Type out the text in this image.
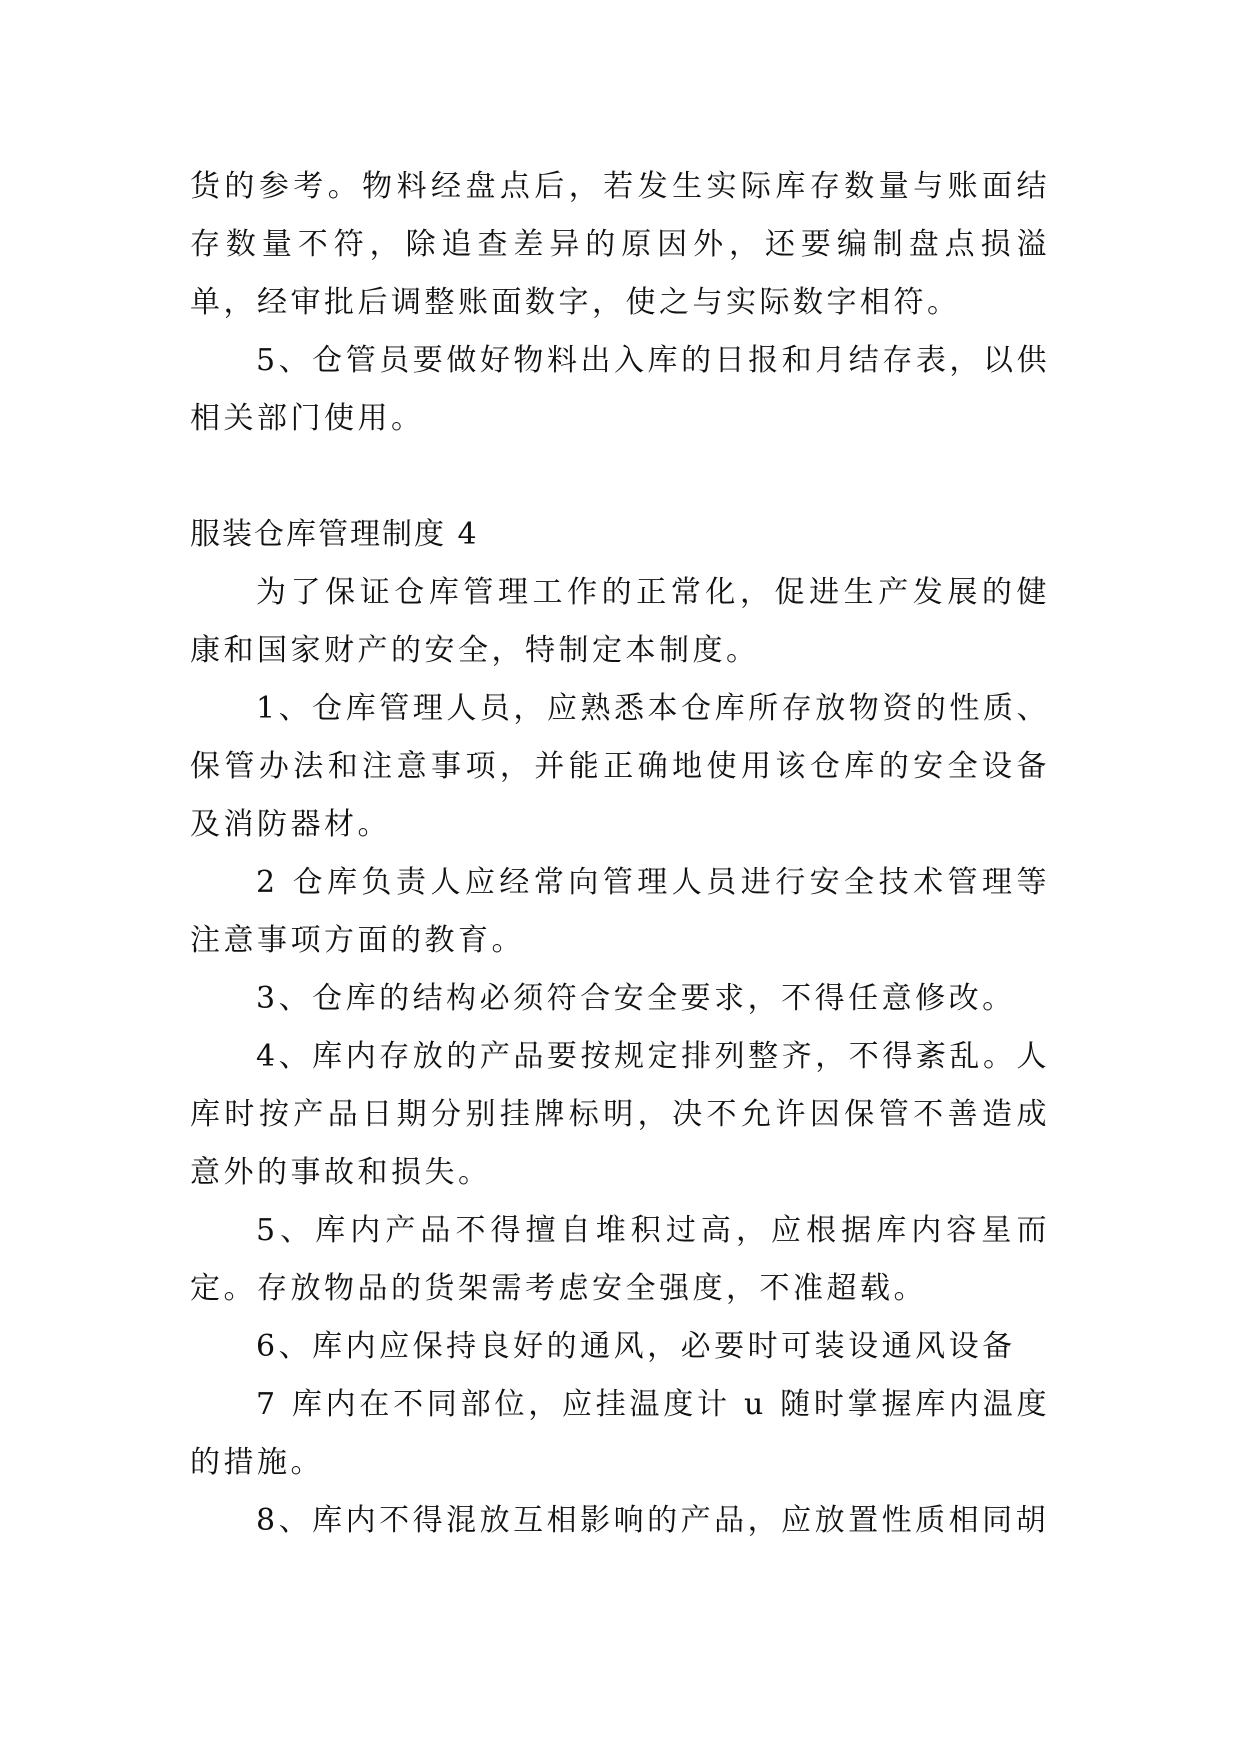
货的参考。物料经盘点后，若发生实际库存数量与账面结存数量不符，除追查差异的原因外，还要编制盘点损溢单，经审批后调整账面数字，使之与实际数字相符。

5、仓管员要做好物料出入库的日报和月结存表，以供相关部门使用。

服装仓库管理制度 4

为了保证仓库管理工作的正常化，促进生产发展的健康和国家财产的安全，特制定本制度。

1、仓库管理人员，应熟悉本仓库所存放物资的性质、保管办法和注意事项，并能正确地使用该仓库的安全设备及消防器材。

2 仓库负责人应经常向管理人员进行安全技术管理等注意事项方面的教育。

3、仓库的结构必须符合安全要求，不得任意修改。

4、库内存放的产品要按规定排列整齐，不得紊乱。人库时按产品日期分别挂牌标明，决不允许因保管不善造成意外的事故和损失。

5、库内产品不得擅自堆积过高，应根据库内容星而定。存放物品的货架需考虑安全强度，不准超载。

6、库内应保持良好的通风，必要时可装设通风设备

7 库内在不同部位，应挂温度计 u 随时掌握库内温度的措施。

8、库内不得混放互相影响的产品，应放置性质相同胡
